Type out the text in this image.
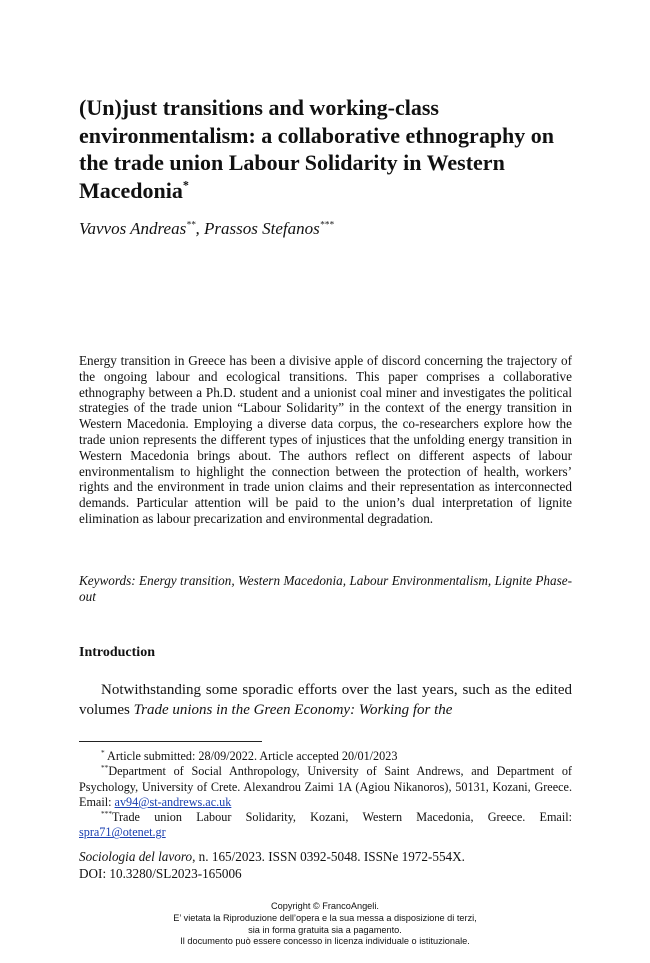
(Un)just transitions and working-class environmentalism: a collaborative ethnography on the trade union Labour Solidarity in Western Macedonia*
Vavvos Andreas**, Prassos Stefanos***
Energy transition in Greece has been a divisive apple of discord concerning the trajectory of the ongoing labour and ecological transitions. This paper comprises a collaborative ethnography between a Ph.D. student and a unionist coal miner and investigates the political strategies of the trade union “Labour Solidarity” in the context of the energy transition in Western Macedonia. Employing a diverse data corpus, the co-researchers explore how the trade union represents the different types of injustices that the unfolding energy transition in Western Macedonia brings about. The authors reflect on different aspects of labour environmentalism to highlight the connection between the protection of health, workers’ rights and the environment in trade union claims and their representation as interconnected demands. Particular attention will be paid to the union’s dual interpretation of lignite elimination as labour precarization and environmental degradation.
Keywords: Energy transition, Western Macedonia, Labour Environmentalism, Lignite Phase-out
Introduction
Notwithstanding some sporadic efforts over the last years, such as the edited volumes Trade unions in the Green Economy: Working for the
* Article submitted: 28/09/2022. Article accepted 20/01/2023
**Department of Social Anthropology, University of Saint Andrews, and Department of Psychology, University of Crete. Alexandrou Zaimi 1A (Agiou Nikanoros), 50131, Kozani, Greece. Email: av94@st-andrews.ac.uk
***Trade union Labour Solidarity, Kozani, Western Macedonia, Greece. Email: spra71@otenet.gr
Sociologia del lavoro, n. 165/2023. ISSN 0392-5048. ISSNe 1972-554X.
DOI: 10.3280/SL2023-165006
Copyright © FrancoAngeli.
E’ vietata la Riproduzione dell’opera e la sua messa a disposizione di terzi,
sia in forma gratuita sia a pagamento.
Il documento può essere concesso in licenza individuale o istituzionale.
